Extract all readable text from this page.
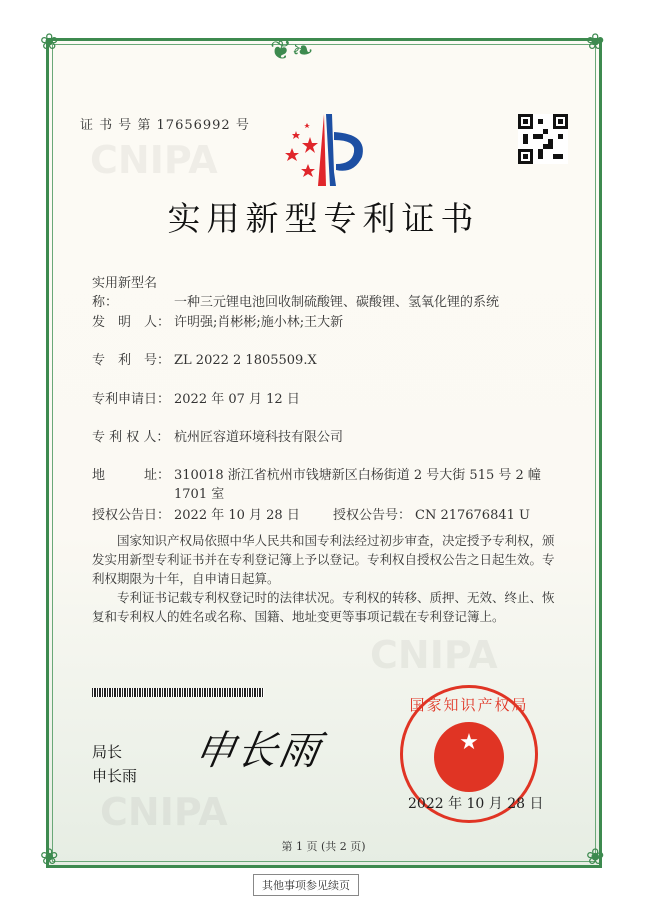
❦❧
❀	❀
❀	❀
CNIPA
CNIPA
CNIPA
证 书 号 第 17656992 号
实用新型专利证书
实用新型名称：	一种三元锂电池回收制硫酸锂、碳酸锂、氢氧化锂的系统
发　明　人： 许明强;肖彬彬;施小林;王大新
专　利　号： ZL 2022 2 1805509.X
专利申请日： 2022 年 07 月 12 日
专 利 权 人： 杭州匠容道环境科技有限公司
地　　　址： 310018 浙江省杭州市钱塘新区白杨街道 2 号大街 515 号 2 幢
1701 室
授权公告日： 2022 年 10 月 28 日	授权公告号： CN 217676841 U
国家知识产权局依照中华人民共和国专利法经过初步审查，决定授予专利权，颁发实用新型专利证书并在专利登记簿上予以登记。专利权自授权公告之日起生效。专利权期限为十年，自申请日起算。
专利证书记载专利权登记时的法律状况。专利权的转移、质押、无效、终止、恢复和专利权人的姓名或名称、国籍、地址变更等事项记载在专利登记簿上。
局长
申长雨
申长雨	★
国家知识产权局
2022 年 10 月 28 日
第 1 页 (共 2 页)
其他事项参见续页
